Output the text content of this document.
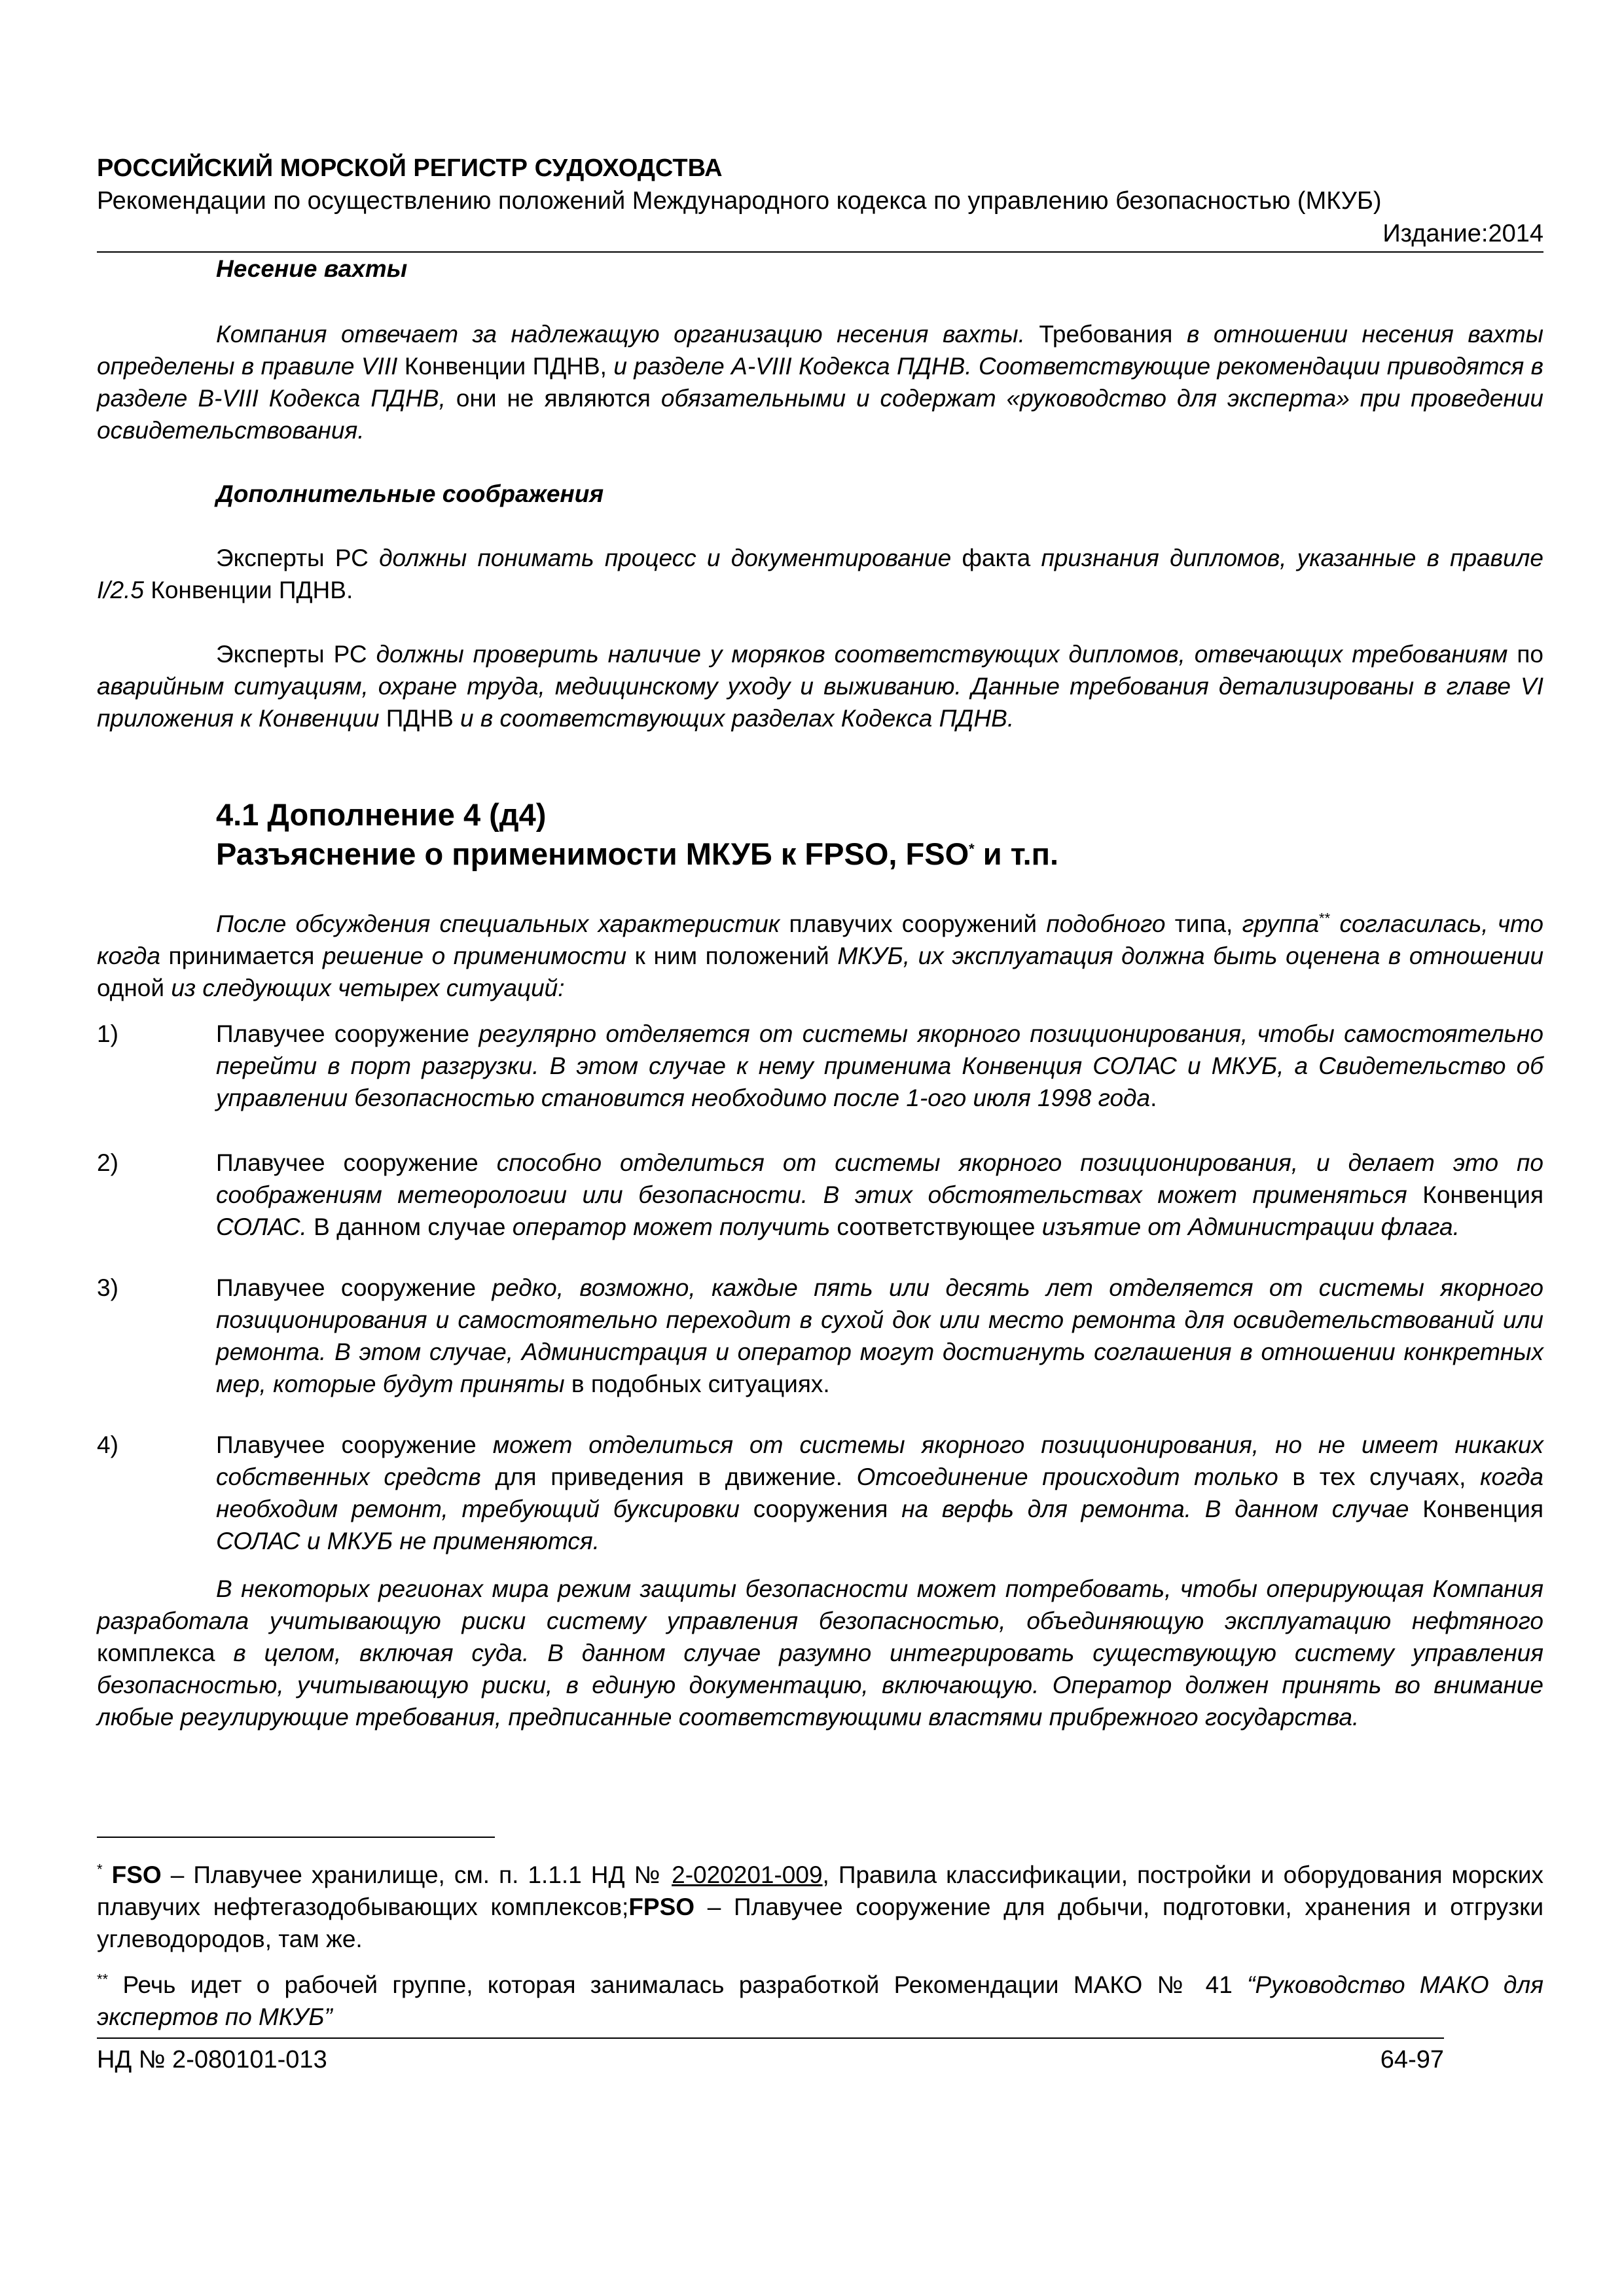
РОССИЙСКИЙ МОРСКОЙ РЕГИСТР СУДОХОДСТВА
Рекомендации по осуществлению положений Международного кодекса по управлению безопасностью (МКУБ)
Издание:2014
Несение вахты
Компания отвечает за надлежащую организацию несения вахты. Требования в отношении несения вахты определены в правиле VIII Конвенции ПДНВ, и разделе A-VIII Кодекса ПДНВ. Соответствующие рекомендации приводятся в разделе B-VIII Кодекса ПДНВ, они не являются обязательными и содержат «руководство для эксперта» при проведении освидетельствования.
Дополнительные соображения
Эксперты РС должны понимать процесс и документирование факта признания дипломов, указанные в правиле I/2.5 Конвенции ПДНВ.
Эксперты РС должны проверить наличие у моряков соответствующих дипломов, отвечающих требованиям по аварийным ситуациям, охране труда, медицинскому уходу и выживанию. Данные требования детализированы в главе VI приложения к Конвенции ПДНВ и в соответствующих разделах Кодекса ПДНВ.
4.1 Дополнение 4 (д4)
Разъяснение о применимости МКУБ к FPSO, FSO* и т.п.
После обсуждения специальных характеристик плавучих сооружений подобного типа, группа** согласилась, что когда принимается решение о применимости к ним положений МКУБ, их эксплуатация должна быть оценена в отношении одной из следующих четырех ситуаций:
1)	Плавучее сооружение регулярно отделяется от системы якорного позиционирования, чтобы самостоятельно перейти в порт разгрузки. В этом случае к нему применима Конвенция СОЛАС и МКУБ, а Свидетельство об управлении безопасностью становится необходимо после 1-ого июля 1998 года.
2)	Плавучее сооружение способно отделиться от системы якорного позиционирования, и делает это по соображениям метеорологии или безопасности. В этих обстоятельствах может применяться Конвенция СОЛАС. В данном случае оператор может получить соответствующее изъятие от Администрации флага.
3)	Плавучее сооружение редко, возможно, каждые пять или десять лет отделяется от системы якорного позиционирования и самостоятельно переходит в сухой док или место ремонта для освидетельствований или ремонта. В этом случае, Администрация и оператор могут достигнуть соглашения в отношении конкретных мер, которые будут приняты в подобных ситуациях.
4)	Плавучее сооружение может отделиться от системы якорного позиционирования, но не имеет никаких собственных средств для приведения в движение. Отсоединение происходит только в тех случаях, когда необходим ремонт, требующий буксировки сооружения на верфь для ремонта. В данном случае Конвенция СОЛАС и МКУБ не применяются.
В некоторых регионах мира режим защиты безопасности может потребовать, чтобы оперирующая Компания разработала учитывающую риски систему управления безопасностью, объединяющую эксплуатацию нефтяного комплекса в целом, включая суда. В данном случае разумно интегрировать существующую систему управления безопасностью, учитывающую риски, в единую документацию, включающую. Оператор должен принять во внимание любые регулирующие требования, предписанные соответствующими властями прибрежного государства.
* FSO – Плавучее хранилище, см. п. 1.1.1 НД № 2-020201-009, Правила классификации, постройки и оборудования морских плавучих нефтегазодобывающих комплексов;FPSO – Плавучее сооружение для добычи, подготовки, хранения и отгрузки углеводородов, там же.
** Речь идет о рабочей группе, которая занималась разработкой Рекомендации МАКО № 41 “Руководство МАКО для экспертов по МКУБ”
НД № 2-080101-013	64-97
